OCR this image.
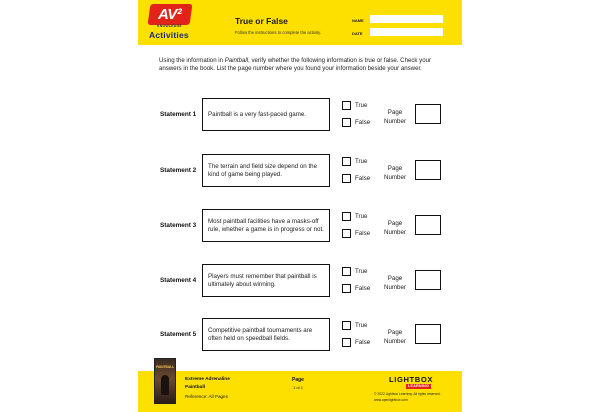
AV²
KNOWLEDGE
Activities
True or False
Follow the instructions to complete the activity.
NAME
DATE
Using the information in Paintball, verify whether the following information is true or false. Check your answers in the book. List the page number where you found your information beside your answer.
Statement 1 Paintball is a very fast-paced game.
True
False
Page Number
Statement 2
The terrain and field size depend on the kind of game being played.
True
False
Page Number
Statement 3
Most paintball facilities have a masks-off rule, whether a game is in progress or not.
True
False
Page Number
Statement 4
Players must remember that paintball is ultimately about winning.
True
False
Page Number
Statement 5
Competitive paintball tournaments are often held on speedball fields.
True
False
Page Number
PAINTBALL
Extreme Adrenaline
Paintball
Reference: All Pages
Page
1 of 1
LIGHTBOX
LEARNING
© 2022 Lightbox Learning. All rights reserved.
www.openlightbox.com
